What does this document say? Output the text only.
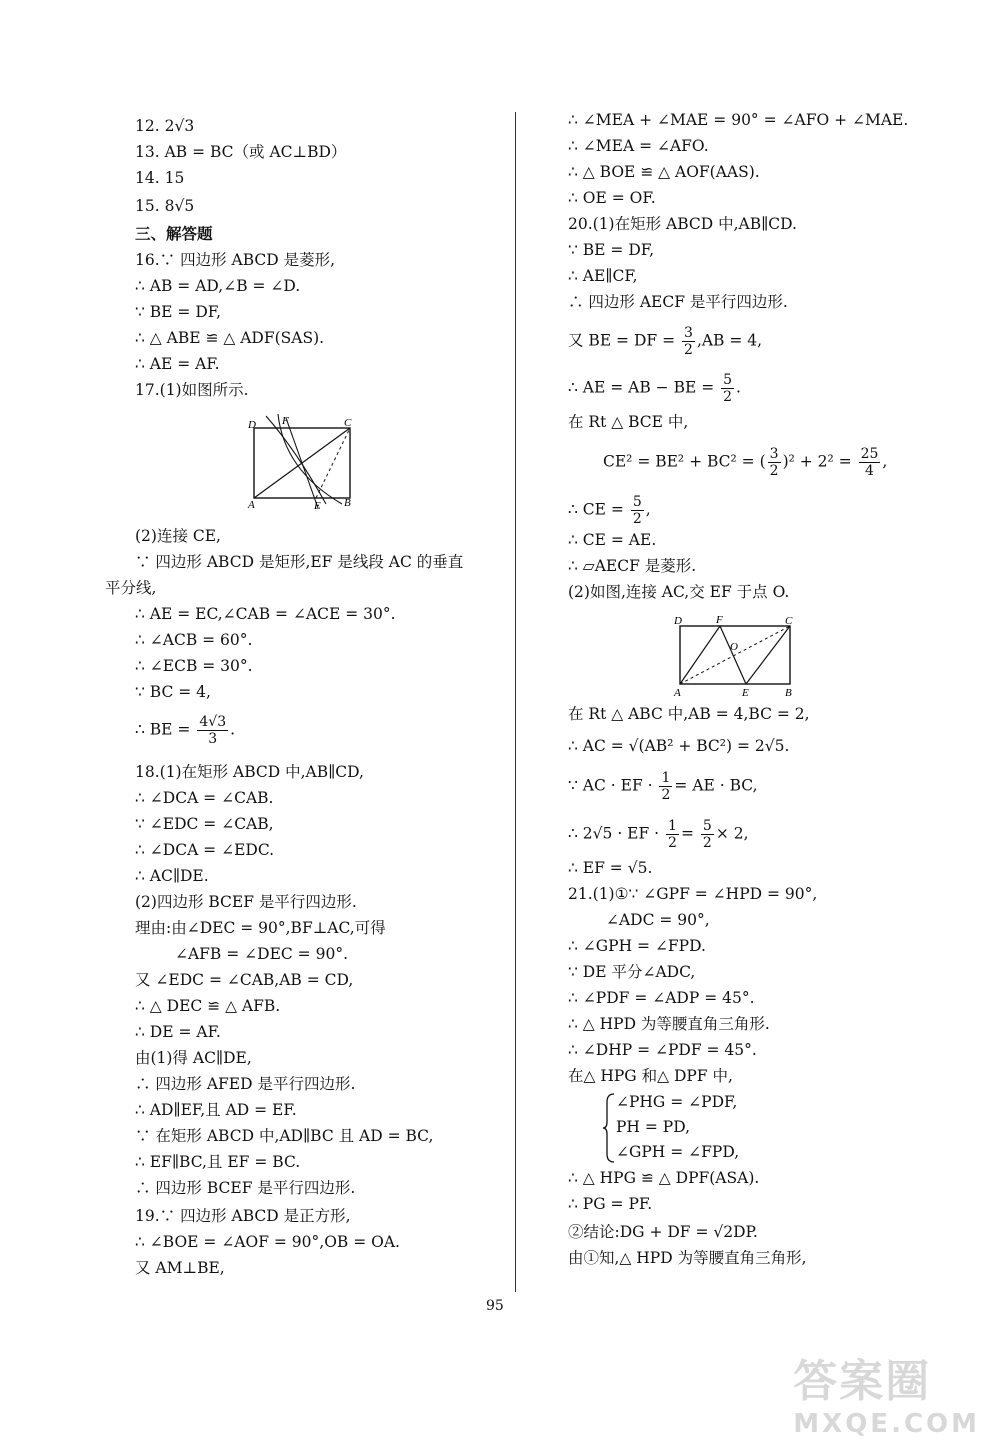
12. 2√3
13. AB = BC（或 AC⊥BD）
14. 15
15. 8√5
三、解答题
16.∵ 四边形 ABCD 是菱形,
∴ AB = AD,∠B = ∠D.
∵ BE = DF,
∴ △ ABE ≌ △ ADF(SAS).
∴ AE = AF.
17.(1)如图所示.
D F	C
A	E B
(2)连接 CE,
∵ 四边形 ABCD 是矩形,EF 是线段 AC 的垂直
平分线,
∴ AE = EC,∠CAB = ∠ACE = 30°.
∴ ∠ACB = 60°.
∴ ∠ECB = 30°.
∵ BC = 4,
∴ BE = $\frac{4√3}{3}$ .
18.(1)在矩形 ABCD 中,AB∥CD,
∴ ∠DCA = ∠CAB.
∵ ∠EDC = ∠CAB,
∴ ∠DCA = ∠EDC.
∴ AC∥DE.
(2)四边形 BCEF 是平行四边形.
理由:由∠DEC = 90°,BF⊥AC,可得
∠AFB = ∠DEC = 90°.
又 ∠EDC = ∠CAB,AB = CD,
∴ △ DEC ≌ △ AFB.
∴ DE = AF.
由(1)得 AC∥DE,
∴ 四边形 AFED 是平行四边形.
∴ AD∥EF,且 AD = EF.
∵ 在矩形 ABCD 中,AD∥BC 且 AD = BC,
∴ EF∥BC,且 EF = BC.
∴ 四边形 BCEF 是平行四边形.
19.∵ 四边形 ABCD 是正方形,
∴ ∠BOE = ∠AOF = 90°,OB = OA.
又 AM⊥BE,
∴ ∠MEA + ∠MAE = 90° = ∠AFO + ∠MAE.
∴ ∠MEA = ∠AFO.
∴ △ BOE ≌ △ AOF(AAS).
∴ OE = OF.
20.(1)在矩形 ABCD 中,AB∥CD.
∵ BE = DF,
∴ AE∥CF,
∴ 四边形 AECF 是平行四边形.
又 BE = DF = $\frac{3}{2} ,AB = 4$,
∴ AE = AB − BE = $\frac{5}{2}$ .
在 Rt △ BCE 中,
CE² = BE² + BC² = ( $\frac{3}{2} )^2 + 2^2 = \frac{25}{4}$ ,
∴ CE = $\frac{5}{2}$ ,
∴ CE = AE.
∴ ▱AECF 是菱形.
(2)如图,连接 AC,交 EF 于点 O.
D	F	C
O
A	E	B
在 Rt △ ABC 中,AB = 4,BC = 2,
∴ AC = √(AB² + BC²) = 2√5.
∵ AC · EF · $\frac{1}{2}$ = AE · BC,
∴ 2√5 · EF · $\frac{1}{2} = \frac{5}{2} \times 2$,
∴ EF = √5.
21.(1)①∵ ∠GPF = ∠HPD = 90°,
∠ADC = 90°,
∴ ∠GPH = ∠FPD.
∵ DE 平分∠ADC,
∴ ∠PDF = ∠ADP = 45°.
∴ △ HPD 为等腰直角三角形.
∴ ∠DHP = ∠PDF = 45°.
在△ HPG 和△ DPF 中,
∠PHG = ∠PDF,
PH = PD,
∠GPH = ∠FPD,
∴ △ HPG ≌ △ DPF(ASA).
∴ PG = PF.
②结论:DG + DF = √2DP.
由①知,△ HPD 为等腰直角三角形,
95
答案圈
MXQE.COM
